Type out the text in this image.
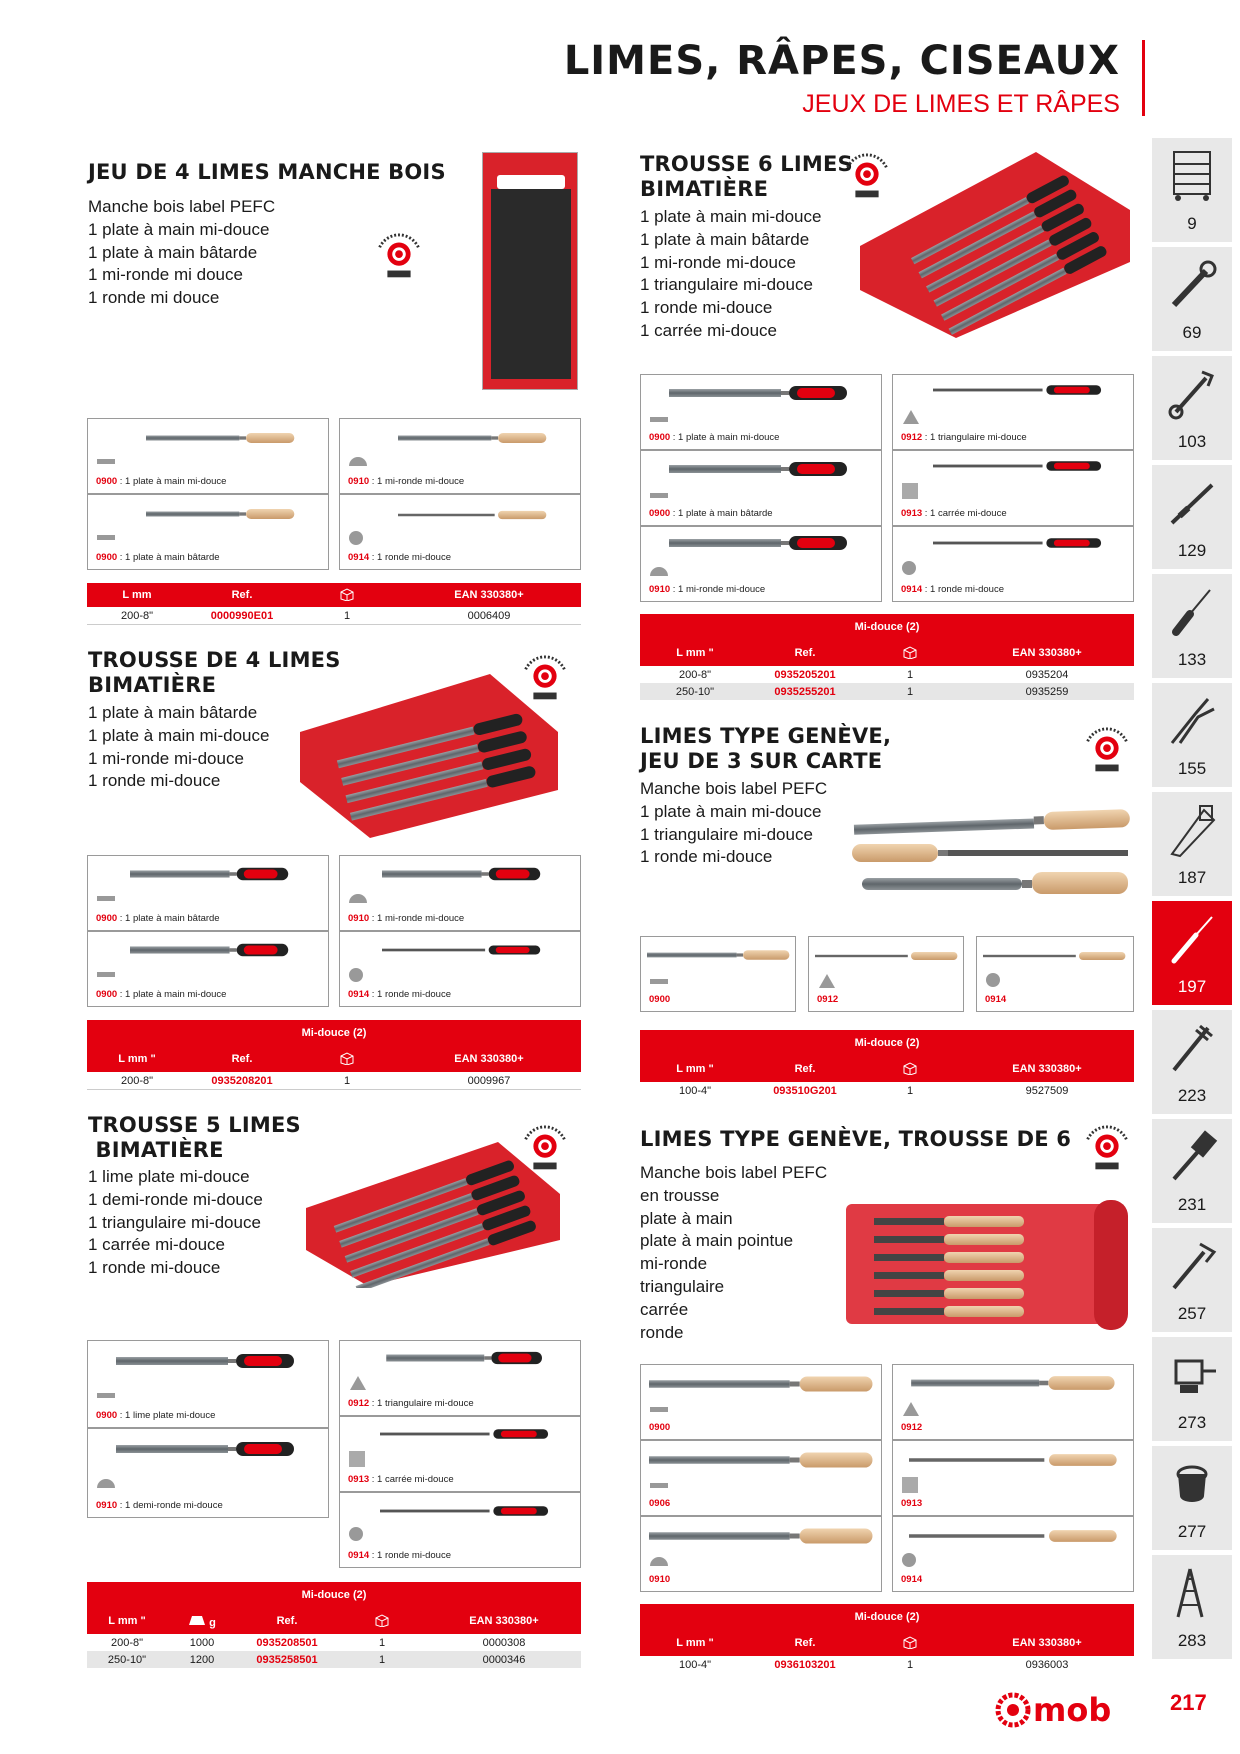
LIMES, RÂPES, CISEAUX
JEUX DE LIMES ET RÂPES
JEU DE 4 LIMES MANCHE BOIS
Manche bois label PEFC
1 plate à main mi-douce
1 plate à main bâtarde
1 mi-ronde mi douce
1 ronde mi douce
0900 : 1 plate à main mi-douce	0910 : 1 mi-ronde mi-douce
0900 : 1 plate à main bâtarde	0914 : 1 ronde mi-douce
L mm	Ref.	EAN 330380+
200-8"	0000990E01	1	0006409
TROUSSE DE 4 LIMES
BIMATIÈRE
1 plate à main bâtarde
1 plate à main mi-douce
1 mi-ronde mi-douce
1 ronde mi-douce
0900 : 1 plate à main bâtarde	0910 : 1 mi-ronde mi-douce
0900 : 1 plate à main mi-douce	0914 : 1 ronde mi-douce
Mi-douce (2)
L mm "	Ref.	EAN 330380+
200-8"	0935208201	1	0009967
TROUSSE 5 LIMES
BIMATIÈRE
1 lime plate mi-douce
1 demi-ronde mi-douce
1 triangulaire mi-douce
1 carrée mi-douce
1 ronde mi-douce
0900 : 1 lime plate mi-douce
0910 : 1 demi-ronde mi-douce
0912 : 1 triangulaire mi-douce
0913 : 1 carrée mi-douce
0914 : 1 ronde mi-douce
Mi-douce (2)
L mm "	g	Ref.	EAN 330380+
200-8"	1000	0935208501	1	0000308
250-10"	1200	0935258501	1	0000346
TROUSSE 6 LIMES
BIMATIÈRE
1 plate à main mi-douce
1 plate à main bâtarde
1 mi-ronde mi-douce
1 triangulaire mi-douce
1 ronde mi-douce
1 carrée mi-douce
0900 : 1 plate à main mi-douce	0912 : 1 triangulaire mi-douce
0900 : 1 plate à main bâtarde	0913 : 1 carrée mi-douce
0910 : 1 mi-ronde mi-douce	0914 : 1 ronde mi-douce
Mi-douce (2)
L mm "	Ref.	EAN 330380+
200-8"	0935205201	1	0935204
250-10"	0935255201	1	0935259
LIMES TYPE GENÈVE,
JEU DE 3 SUR CARTE
Manche bois label PEFC
1 plate à main mi-douce
1 triangulaire mi-douce
1 ronde mi-douce
0900	0912	0914
Mi-douce (2)
L mm "	Ref.	EAN 330380+
100-4"	093510G201	1	9527509
LIMES TYPE GENÈVE, TROUSSE DE 6
Manche bois label PEFC
en trousse
plate à main
plate à main pointue
mi-ronde
triangulaire
carrée
ronde
0900	0912
0906	0913
0910	0914
Mi-douce (2)
L mm "	Ref.	EAN 330380+
100-4"	0936103201	1	0936003
9
69
103
129
133
155
187
197
223
231
257
273
277
283
217
